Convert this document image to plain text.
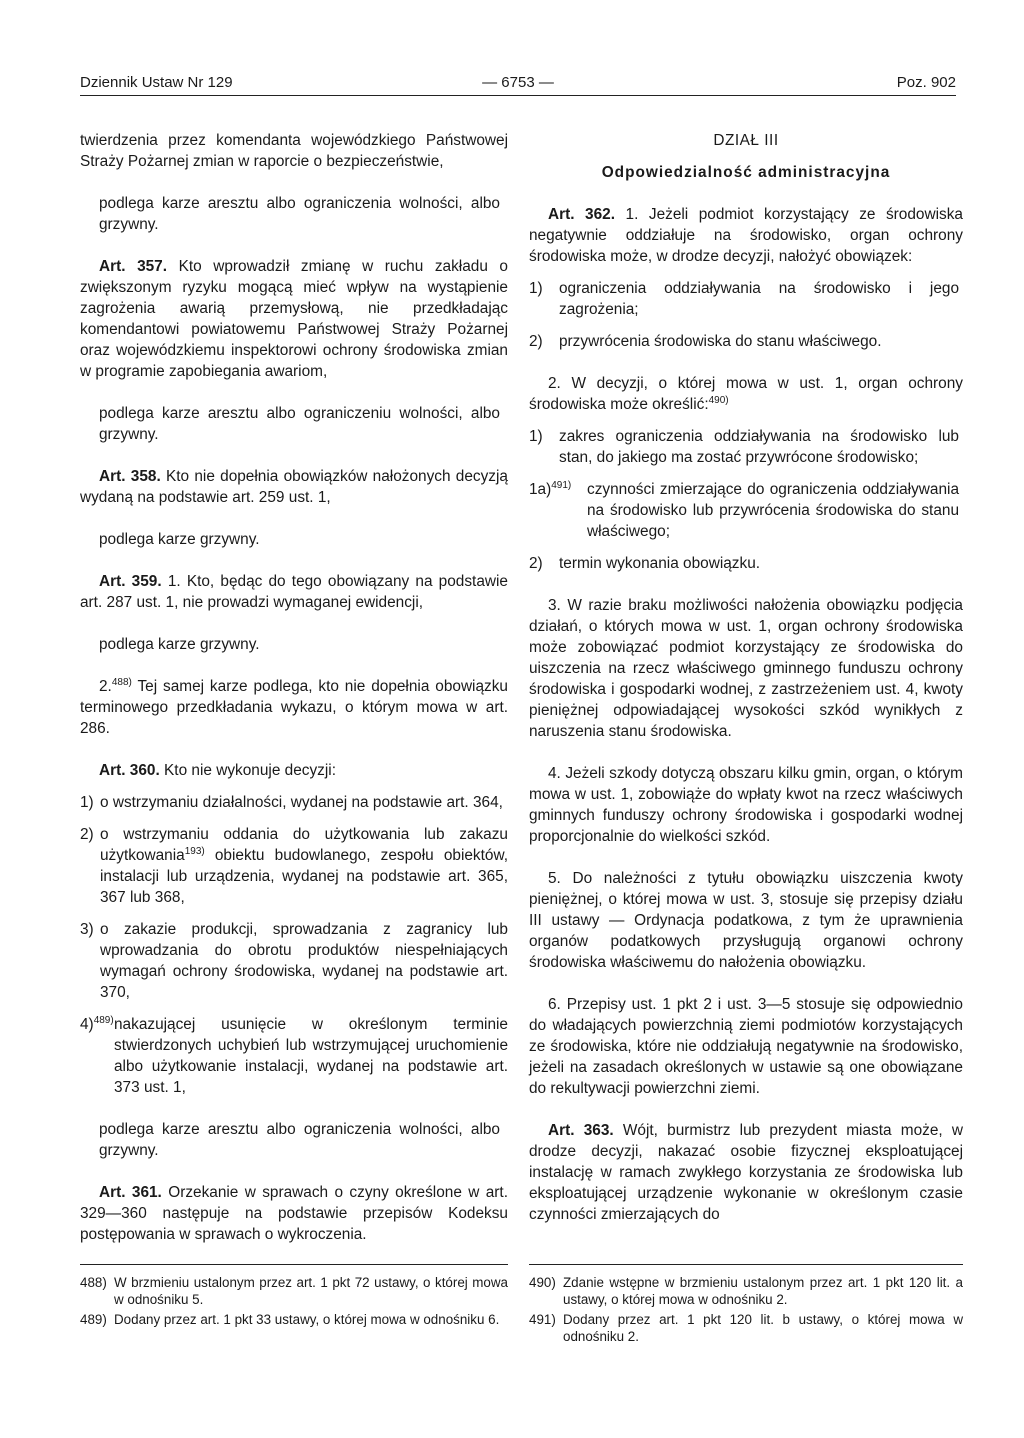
Dziennik Ustaw Nr 129	— 6753 —	Poz. 902

twierdzenia przez komendanta wojewódzkiego Państwowej Straży Pożarnej zmian w raporcie o bezpieczeństwie,

podlega karze aresztu albo ograniczenia wolności, albo grzywny.

Art. 357. Kto wprowadził zmianę w ruchu zakładu o zwiększonym ryzyku mogącą mieć wpływ na wystąpienie zagrożenia awarią przemysłową, nie przedkładając komendantowi powiatowemu Państwowej Straży Pożarnej oraz wojewódzkiemu inspektorowi ochrony środowiska zmian w programie zapobiegania awariom,

podlega karze aresztu albo ograniczeniu wolności, albo grzywny.

Art. 358. Kto nie dopełnia obowiązków nałożonych decyzją wydaną na podstawie art. 259 ust. 1,

podlega karze grzywny.

Art. 359. 1. Kto, będąc do tego obowiązany na podstawie art. 287 ust. 1, nie prowadzi wymaganej ewidencji,

podlega karze grzywny.

2.$^{488)}$ Tej samej karze podlega, kto nie dopełnia obowiązku terminowego przedkładania wykazu, o którym mowa w art. 286.

Art. 360. Kto nie wykonuje decyzji:

1) o wstrzymaniu działalności, wydanej na podstawie art. 364,
2) o wstrzymaniu oddania do użytkowania lub zakazu użytkowania$^{193)}$ obiektu budowlanego, zespołu obiektów, instalacji lub urządzenia, wydanej na podstawie art. 365, 367 lub 368,
3) o zakazie produkcji, sprowadzania z zagranicy lub wprowadzania do obrotu produktów niespełniających wymagań ochrony środowiska, wydanej na podstawie art. 370,
4)$^{489)}$ nakazującej usunięcie w określonym terminie stwierdzonych uchybień lub wstrzymującej uruchomienie albo użytkowanie instalacji, wydanej na podstawie art. 373 ust. 1,

podlega karze aresztu albo ograniczenia wolności, albo grzywny.

Art. 361. Orzekanie w sprawach o czyny określone w art. 329—360 następuje na podstawie przepisów Kodeksu postępowania w sprawach o wykroczenia.

DZIAŁ III

Odpowiedzialność administracyjna

Art. 362. 1. Jeżeli podmiot korzystający ze środowiska negatywnie oddziałuje na środowisko, organ ochrony środowiska może, w drodze decyzji, nałożyć obowiązek:

1)	ograniczenia oddziaływania na środowisko i jego zagrożenia;
2)	przywrócenia środowiska do stanu właściwego.

2. W decyzji, o której mowa w ust. 1, organ ochrony środowiska może określić:$^{490)}$

1)	zakres ograniczenia oddziaływania na środowisko lub stan, do jakiego ma zostać przywrócone środowisko;
1a)$^{491)}$	czynności zmierzające do ograniczenia oddziaływania na środowisko lub przywrócenia środowiska do stanu właściwego;
2)	termin wykonania obowiązku.

3. W razie braku możliwości nałożenia obowiązku podjęcia działań, o których mowa w ust. 1, organ ochrony środowiska może zobowiązać podmiot korzystający ze środowiska do uiszczenia na rzecz właściwego gminnego funduszu ochrony środowiska i gospodarki wodnej, z zastrzeżeniem ust. 4, kwoty pieniężnej odpowiadającej wysokości szkód wynikłych z naruszenia stanu środowiska.

4. Jeżeli szkody dotyczą obszaru kilku gmin, organ, o którym mowa w ust. 1, zobowiąże do wpłaty kwot na rzecz właściwych gminnych funduszy ochrony środowiska i gospodarki wodnej proporcjonalnie do wielkości szkód.

5. Do należności z tytułu obowiązku uiszczenia kwoty pieniężnej, o której mowa w ust. 3, stosuje się przepisy działu III ustawy — Ordynacja podatkowa, z tym że uprawnienia organów podatkowych przysługują organowi ochrony środowiska właściwemu do nałożenia obowiązku.

6. Przepisy ust. 1 pkt 2 i ust. 3—5 stosuje się odpowiednio do władających powierzchnią ziemi podmiotów korzystających ze środowiska, które nie oddziałują negatywnie na środowisko, jeżeli na zasadach określonych w ustawie są one obowiązane do rekultywacji powierzchni ziemi.

Art. 363. Wójt, burmistrz lub prezydent miasta może, w drodze decyzji, nakazać osobie fizycznej eksploatującej instalację w ramach zwykłego korzystania ze środowiska lub eksploatującej urządzenie wykonanie w określonym czasie czynności zmierzających do

488) W brzmieniu ustalonym przez art. 1 pkt 72 ustawy, o której mowa w odnośniku 5.
489) Dodany przez art. 1 pkt 33 ustawy, o której mowa w odnośniku 6.
490) Zdanie wstępne w brzmieniu ustalonym przez art. 1 pkt 120 lit. a ustawy, o której mowa w odnośniku 2.
491) Dodany przez art. 1 pkt 120 lit. b ustawy, o której mowa w odnośniku 2.
